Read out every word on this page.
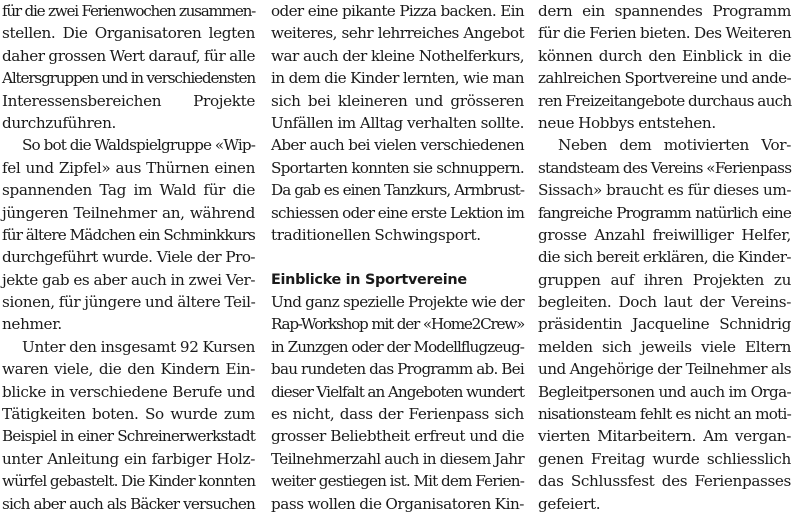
für die zwei Ferienwochen zusammen-
stellen. Die Organisatoren legten
daher grossen Wert darauf, für alle
Altersgruppen und in verschiedensten
Interessensbereichen Projekte
durchzuführen.
So bot die Waldspielgruppe «Wip-
fel und Zipfel» aus Thürnen einen
spannenden Tag im Wald für die
jüngeren Teilnehmer an, während
für ältere Mädchen ein Schminkkurs
durchgeführt wurde. Viele der Pro-
jekte gab es aber auch in zwei Ver-
sionen, für jüngere und ältere Teil-
nehmer.
Unter den insgesamt 92 Kursen
waren viele, die den Kindern Ein-
blicke in verschiedene Berufe und
Tätigkeiten boten. So wurde zum
Beispiel in einer Schreinerwerkstadt
unter Anleitung ein farbiger Holz-
würfel gebastelt. Die Kinder konnten
sich aber auch als Bäcker versuchen
oder eine pikante Pizza backen. Ein
weiteres, sehr lehrreiches Angebot
war auch der kleine Nothelferkurs,
in dem die Kinder lernten, wie man
sich bei kleineren und grösseren
Unfällen im Alltag verhalten sollte.
Aber auch bei vielen verschiedenen
Sportarten konnten sie schnuppern.
Da gab es einen Tanzkurs, Armbrust-
schiessen oder eine erste Lektion im
traditionellen Schwingsport.
Einblicke in Sportvereine
Und ganz spezielle Projekte wie der
Rap-Workshop mit der «Home2Crew»
in Zunzgen oder der Modellflugzeug-
bau rundeten das Programm ab. Bei
dieser Vielfalt an Angeboten wundert
es nicht, dass der Ferienpass sich
grosser Beliebtheit erfreut und die
Teilnehmerzahl auch in diesem Jahr
weiter gestiegen ist. Mit dem Ferien-
pass wollen die Organisatoren Kin-
dern ein spannendes Programm
für die Ferien bieten. Des Weiteren
können durch den Einblick in die
zahlreichen Sportvereine und ande-
ren Freizeitangebote durchaus auch
neue Hobbys entstehen.
Neben dem motivierten Vor-
standsteam des Vereins «Ferienpass
Sissach» braucht es für dieses um-
fangreiche Programm natürlich eine
grosse Anzahl freiwilliger Helfer,
die sich bereit erklären, die Kinder-
gruppen auf ihren Projekten zu
begleiten. Doch laut der Vereins-
präsidentin Jacqueline Schnidrig
melden sich jeweils viele Eltern
und Angehörige der Teilnehmer als
Begleitpersonen und auch im Orga-
nisationsteam fehlt es nicht an moti-
vierten Mitarbeitern. Am vergan-
genen Freitag wurde schliesslich
das Schlussfest des Ferienpasses
gefeiert.
